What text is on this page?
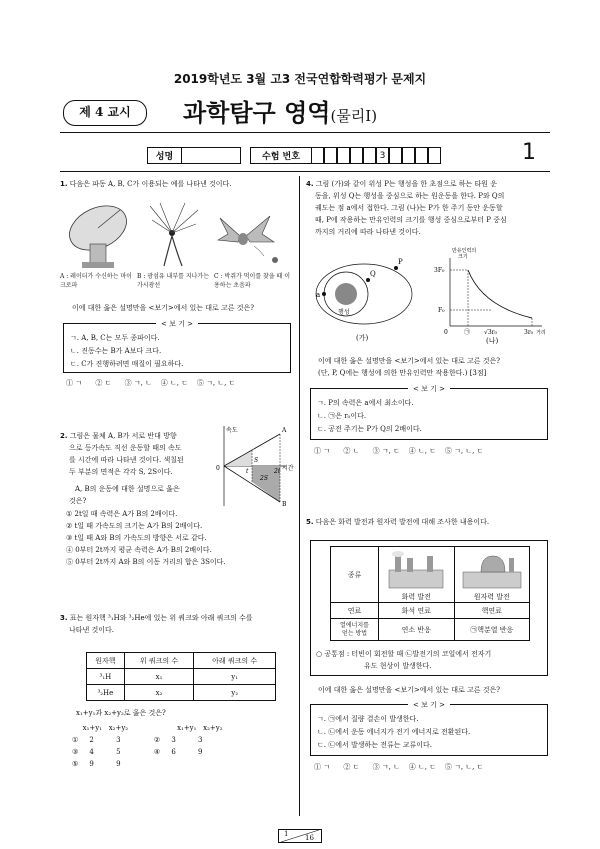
2019학년도 3월 고3 전국연합학력평가 문제지
제 4 교시	과학탐구 영역(물리Ⅰ)
성명	수험 번호	3	1
1. 다음은 파동 A, B, C가 이용되는 예를 나타낸 것이다.
A : 레이더가 수신하는 마이크로파
B : 광섬유 내부를 지나가는 가시광선
C : 박쥐가 먹이를 찾을 때 이용하는 초음파
이에 대한 옳은 설명만을 <보기>에서 있는 대로 고른 것은?
< 보 기 >
ㄱ. A, B, C는 모두 종파이다.
ㄴ. 진동수는 B가 A보다 크다.
ㄷ. C가 진행하려면 매질이 필요하다.
① ㄱ      ② ㄷ      ③ ㄱ, ㄴ    ④ ㄴ, ㄷ    ⑤ ㄱ, ㄴ, ㄷ
2. 그림은 물체 A, B가 서로 반대 방향
으로 등가속도 직선 운동할 때의 속도
를 시간에 따라 나타낸 것이다. 색칠된
두 부분의 면적은 각각 S, 2S이다.
A, B의 운동에 대한 설명으로 옳은
것은?
속도	A
B
S
2S
t	2t
0	시간
① 2t일 때 속력은 A가 B의 2배이다.
② t일 때 가속도의 크기는 A가 B의 2배이다.
③ t일 때 A와 B의 가속도의 방향은 서로 같다.
④ 0부터 2t까지 평균 속력은 A가 B의 2배이다.
⑤ 0부터 2t까지 A와 B의 이동 거리의 합은 3S이다.
3. 표는 원자핵 ³₁H와 ³₂He에 있는 위 쿼크와 아래 쿼크의 수를
나타낸 것이다.
원자핵	위 쿼크의 수	아래 쿼크의 수
³₁H	x₁	y₁
³₂He	x₂	y₂
x₁+y₁과 x₂+y₂로 옳은 것은?
x₁+y₁   x₂+y₂                      x₁+y₁   x₂+y₂
①     2          3               ②     3          3
③     4          5               ④     6          9
⑤     9          9
4. 그림 (가)와 같이 위성 P는 행성을 한 초점으로 하는 타원 운
동을, 위성 Q는 행성을 중심으로 하는 원운동을 한다. P와 Q의
궤도는 점 a에서 접한다. 그림 (나)는 P가 한 주기 동안 운동할
때, P에 작용하는 만유인력의 크기를 행성 중심으로부터 P 중심
까지의 거리에 따라 나타낸 것이다.
P
Q
a
행성
(가)
만유인력의
크기
3F₀
F₀
0	㉠ √3r₀	3r₀ 거리
(나)
이에 대한 옳은 설명만을 <보기>에서 있는 대로 고른 것은?
(단, P, Q에는 행성에 의한 만유인력만 작용한다.) [3점]
< 보 기 >
ㄱ. P의 속력은 a에서 최소이다.
ㄴ. ㉠은 r₀이다.
ㄷ. 공전 주기는 P가 Q의 2배이다.
① ㄱ      ② ㄴ      ③ ㄱ, ㄷ    ④ ㄴ, ㄷ    ⑤ ㄱ, ㄴ, ㄷ
5. 다음은 화력 발전과 원자력 발전에 대해 조사한 내용이다.
종류	화력 발전	원자력 발전

연료	화석 연료	핵연료

열에너지를
얻는 방법	연소 반응	㉠핵분열 반응
○ 공통점 : 터빈이 회전할 때 ㉡발전기의 코일에서 전자기
유도 현상이 발생한다.
이에 대한 옳은 설명만을 <보기>에서 있는 대로 고른 것은?
< 보 기 >
ㄱ. ㉠에서 질량 결손이 발생한다.
ㄴ. ㉡에서 운동 에너지가 전기 에너지로 전환된다.
ㄷ. ㉡에서 발생하는 전류는 교류이다.
① ㄱ      ② ㄷ      ③ ㄱ, ㄴ    ④ ㄴ, ㄷ    ⑤ ㄱ, ㄴ, ㄷ
1 16
